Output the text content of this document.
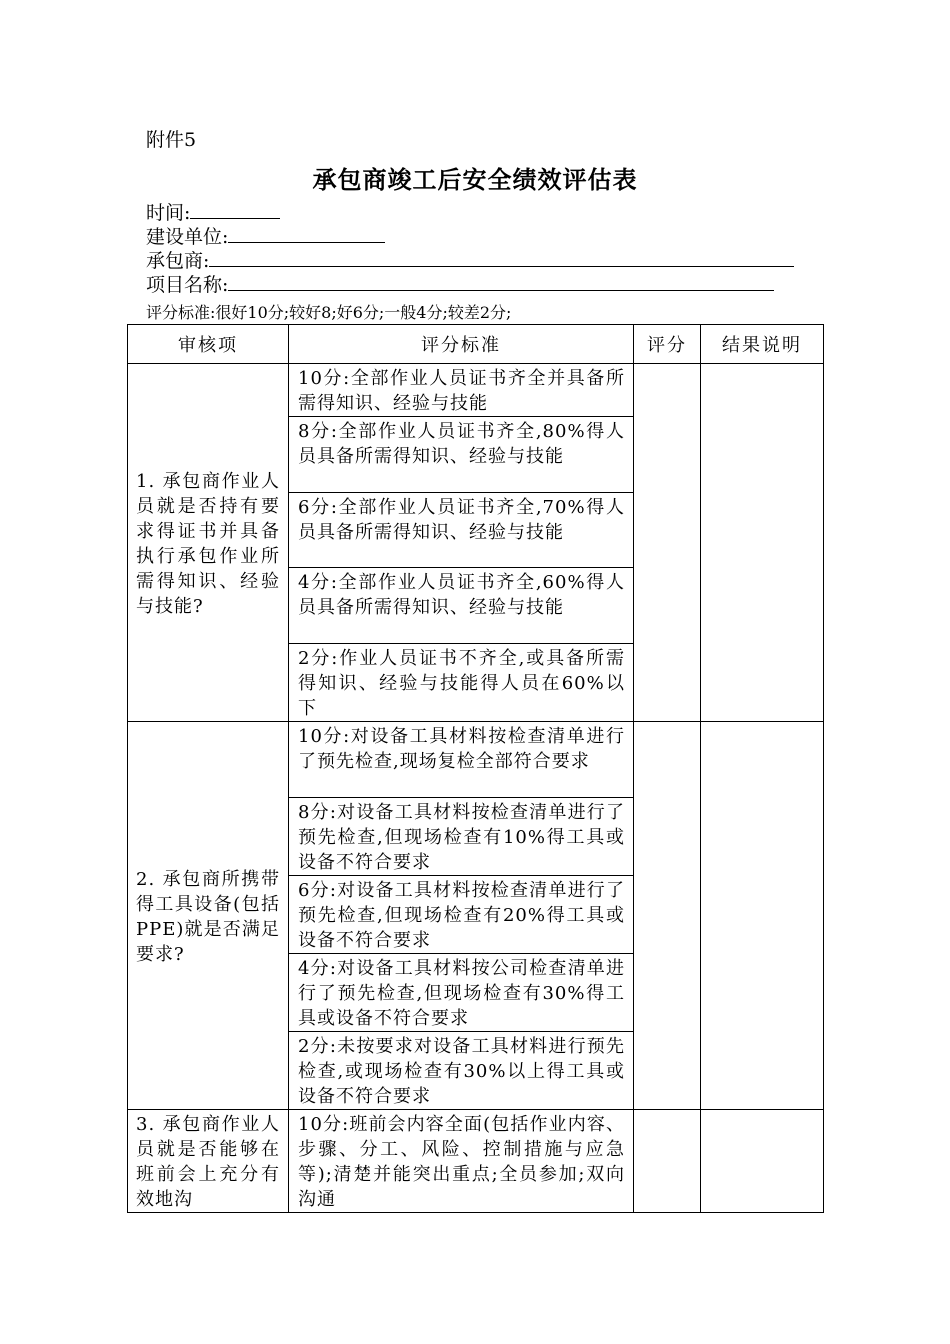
附件5
承包商竣工后安全绩效评估表
时间:
建设单位:
承包商:
项目名称:
评分标准:很好10分;较好8;好6分;一般4分;较差2分;
审核项	评分标准	评分	结果说明
1. 承包商作业人员就是否持有要求得证书并具备执行承包作业所需得知识、经验与技能?	10分:全部作业人员证书齐全并具备所需得知识、经验与技能		
	8分:全部作业人员证书齐全,80%得人员具备所需得知识、经验与技能		
	6分:全部作业人员证书齐全,70%得人员具备所需得知识、经验与技能		
	4分:全部作业人员证书齐全,60%得人员具备所需得知识、经验与技能		
	2分:作业人员证书不齐全,或具备所需得知识、经验与技能得人员在60%以下		
2. 承包商所携带得工具设备(包括PPE)就是否满足要求?	10分:对设备工具材料按检查清单进行了预先检查,现场复检全部符合要求		
	8分:对设备工具材料按检查清单进行了预先检查,但现场检查有10%得工具或设备不符合要求		
	6分:对设备工具材料按检查清单进行了预先检查,但现场检查有20%得工具或设备不符合要求		
	4分:对设备工具材料按公司检查清单进行了预先检查,但现场检查有30%得工具或设备不符合要求		
	2分:未按要求对设备工具材料进行预先检查,或现场检查有30%以上得工具或设备不符合要求		
3. 承包商作业人员就是否能够在班前会上充分有效地沟	10分:班前会内容全面(包括作业内容、步骤、分工、风险、控制措施与应急等);清楚并能突出重点;全员参加;双向沟通		
